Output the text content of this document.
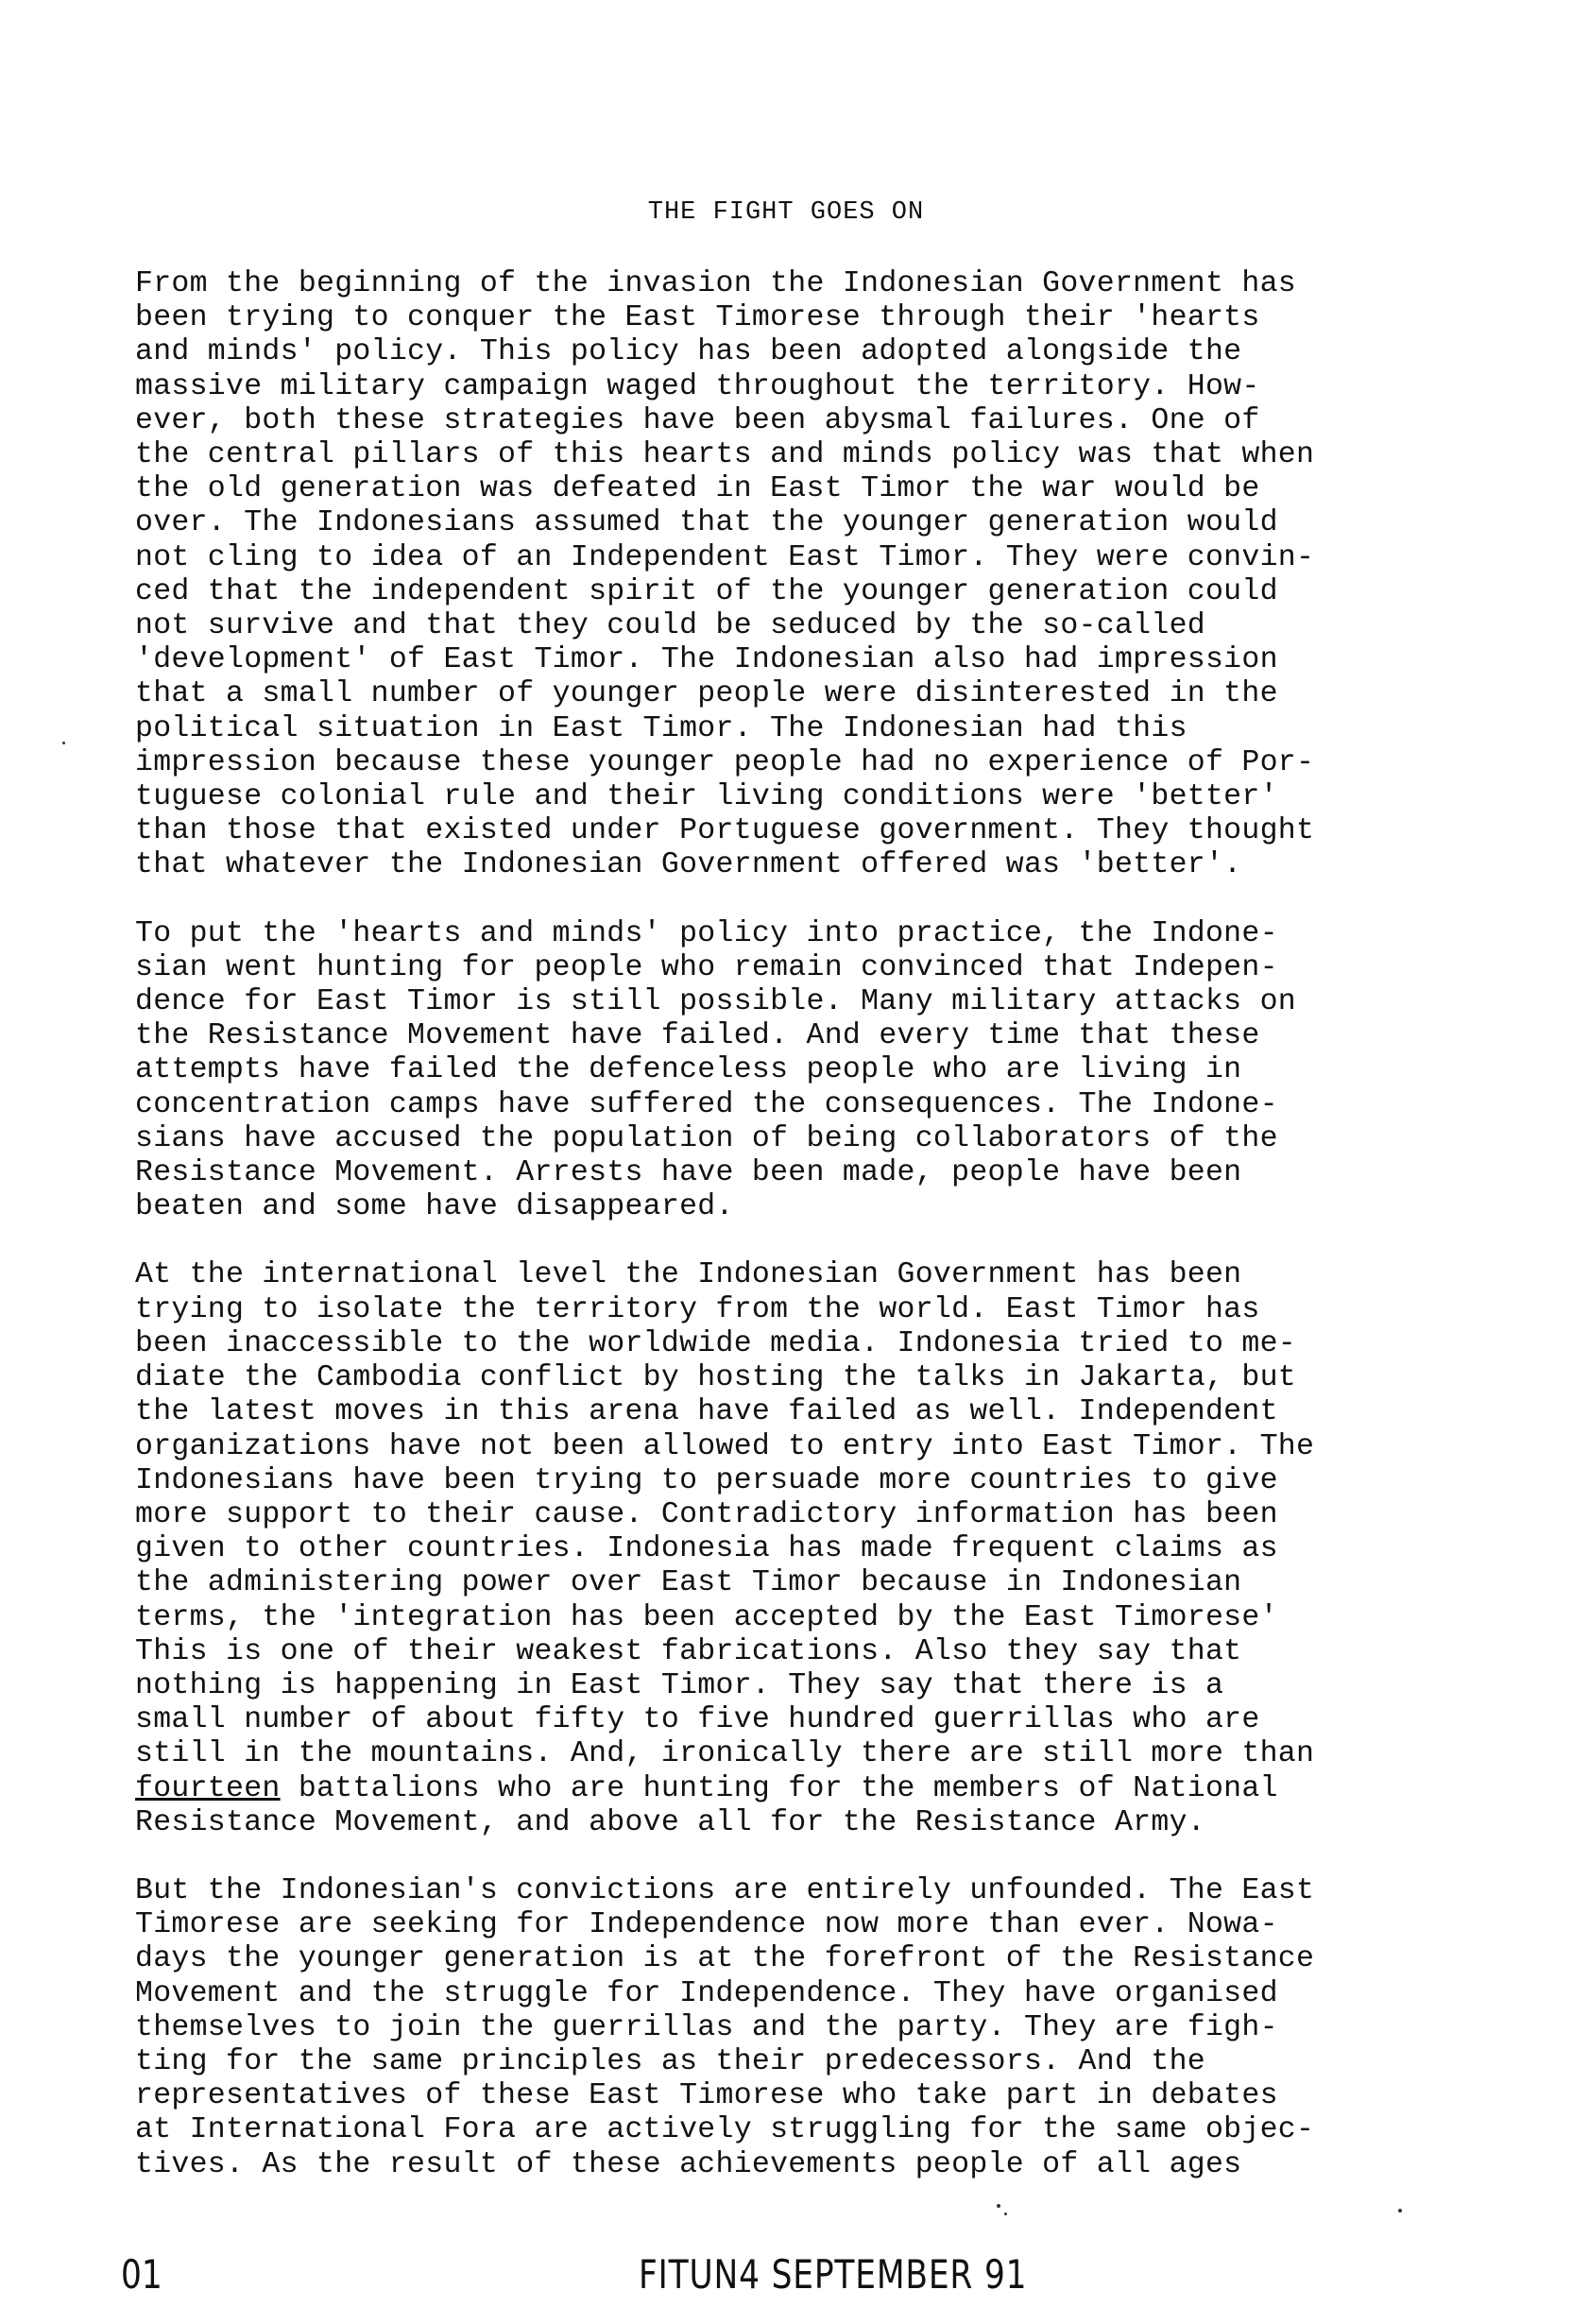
THE FIGHT GOES ON
From the beginning of the invasion the Indonesian Government has
been trying to conquer the East Timorese through their 'hearts
and minds' policy. This policy has been adopted alongside the
massive military campaign waged throughout the territory. How-
ever, both these strategies have been abysmal failures. One of
the central pillars of this hearts and minds policy was that when
the old generation was defeated in East Timor the war would be
over. The Indonesians assumed that the younger generation would
not cling to idea of an Independent East Timor. They were convin-
ced that the independent spirit of the younger generation could
not survive and that they could be seduced by the so-called
'development' of East Timor. The Indonesian also had impression
that a small number of younger people were disinterested in the
political situation in East Timor. The Indonesian had this
impression because these younger people had no experience of Por-
tuguese colonial rule and their living conditions were 'better'
than those that existed under Portuguese government. They thought
that whatever the Indonesian Government offered was 'better'.
To put the 'hearts and minds' policy into practice, the Indone-
sian went hunting for people who remain convinced that Indepen-
dence for East Timor is still possible. Many military attacks on
the Resistance Movement have failed. And every time that these
attempts have failed the defenceless people who are living in
concentration camps have suffered the consequences. The Indone-
sians have accused the population of being collaborators of the
Resistance Movement. Arrests have been made, people have been
beaten and some have disappeared.
At the international level the Indonesian Government has been
trying to isolate the territory from the world. East Timor has
been inaccessible to the worldwide media. Indonesia tried to me-
diate the Cambodia conflict by hosting the talks in Jakarta, but
the latest moves in this arena have failed as well. Independent
organizations have not been allowed to entry into East Timor. The
Indonesians have been trying to persuade more countries to give
more support to their cause. Contradictory information has been
given to other countries. Indonesia has made frequent claims as
the administering power over East Timor because in Indonesian
terms, the 'integration has been accepted by the East Timorese'
This is one of their weakest fabrications. Also they say that
nothing is happening in East Timor. They say that there is a
small number of about fifty to five hundred guerrillas who are
still in the mountains. And, ironically there are still more than
fourteen battalions who are hunting for the members of National
Resistance Movement, and above all for the Resistance Army.
But the Indonesian's convictions are entirely unfounded. The East
Timorese are seeking for Independence now more than ever. Nowa-
days the younger generation is at the forefront of the Resistance
Movement and the struggle for Independence. They have organised
themselves to join the guerrillas and the party. They are figh-
ting for the same principles as their predecessors. And the
representatives of these East Timorese who take part in debates
at International Fora are actively struggling for the same objec-
tives. As the result of these achievements people of all ages
01	FITUN4 SEPTEMBER 91
